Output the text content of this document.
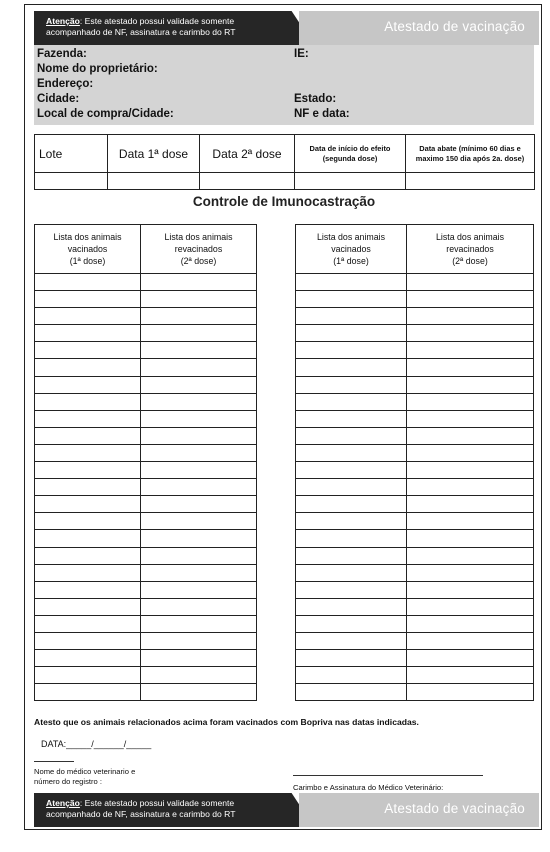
Atenção: Este atestado possui validade somente
acompanhado de NF, assinatura e carimbo do RT	Atestado de vacinação
Fazenda:	IE:
Nome do proprietário:
Endereço:
Cidade:	Estado:
Local de compra/Cidade:	NF e data:
Lote	Data 1ª dose	Data 2ª dose	Data de início do efeito (segunda dose)	Data abate (mínimo 60 dias e maximo 150 dia após 2a. dose)

Controle de Imunocastração
Lista dos animais
vacinados
(1ª dose)	Lista dos animais
revacinados
(2ª dose)

Lista dos animais
vacinados
(1ª dose)	Lista dos animais
revacinados
(2ª dose)

Atesto que os animais relacionados acima foram vacinados com Bopriva nas datas indicadas.
DATA:_____/______/_____
Nome do médico veterinario e
número do registro :
Carimbo e Assinatura do Médico Veterinário:
Atenção: Este atestado possui validade somente
acompanhado de NF, assinatura e carimbo do RT	Atestado de vacinação
